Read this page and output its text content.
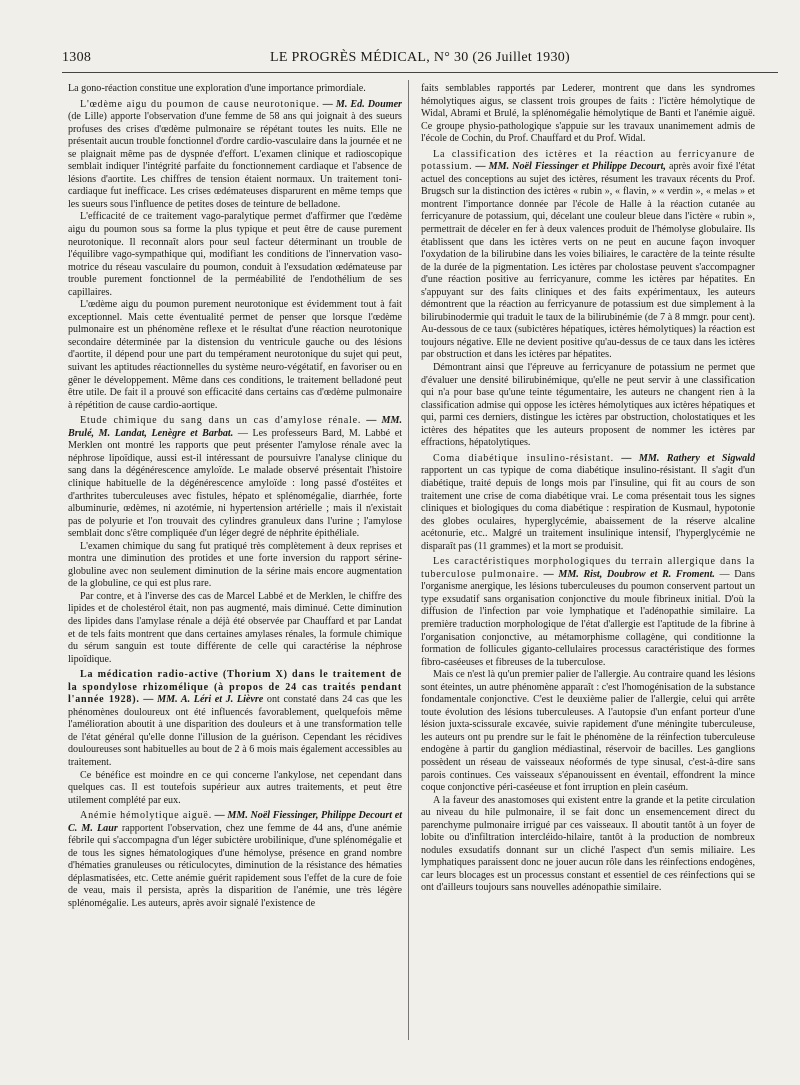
1308	LE PROGRÈS MÉDICAL, N° 30 (26 Juillet 1930)

La gono-réaction constitue une exploration d'une importance primordiale.

L'œdème aigu du poumon de cause neurotonique. — M. Ed. Doumer (de Lille) apporte l'observation d'une femme de 58 ans qui joignait à des sueurs profuses des crises d'œdème pulmonaire se répétant toutes les nuits. Elle ne présentait aucun trouble fonctionnel d'ordre cardio-vasculaire dans la journée et ne se plaignait même pas de dyspnée d'effort. L'examen clinique et radioscopique semblait indiquer l'intégrité parfaite du fonctionnement cardiaque et l'absence de lésions d'aortite. Les chiffres de tension étaient normaux. Un traitement toni-cardiaque fut inefficace. Les crises œdémateuses disparurent en même temps que les sueurs sous l'influence de petites doses de teinture de belladone.

L'efficacité de ce traitement vago-paralytique permet d'affirmer que l'œdème aigu du poumon sous sa forme la plus typique et peut être de cause purement neurotonique. Il reconnaît alors pour seul facteur déterminant un trouble de l'équilibre vago-sympathique qui, modifiant les conditions de l'innervation vaso-motrice du réseau vasculaire du poumon, conduit à l'exsudation œdémateuse par trouble purement fonctionnel de la perméabilité de l'endothélium de ses capillaires.

L'œdème aigu du poumon purement neurotonique est évidemment tout à fait exceptionnel. Mais cette éventualité permet de penser que lorsque l'œdème pulmonaire est un phénomène reflexe et le résultat d'une réaction neurotonique secondaire déterminée par la distension du ventricule gauche ou des lésions d'aortite, il dépend pour une part du tempérament neurotonique du sujet qui peut, suivant les aptitudes réactionnelles du système neuro-végétatif, en favoriser ou en gêner le développement. Même dans ces conditions, le traitement belladoné peut être utile. De fait il a prouvé son efficacité dans certains cas d'œdème pulmonaire à répétition de cause cardio-aortique.

Etude chimique du sang dans un cas d'amylose rénale. — MM. Brulé, M. Landat, Lenègre et Barbat. — Les professeurs Bard, M. Labbé et Merklen ont montré les rapports que peut présenter l'amylose rénale avec la néphrose lipoïdique, aussi est-il intéressant de poursuivre l'analyse clinique du sang dans la dégénérescence amyloïde. Le malade observé présentait l'histoire clinique habituelle de la dégénérescence amyloïde : long passé d'ostéites et d'arthrites tuberculeuses avec fistules, hépato et splénomégalie, diarrhée, forte albuminurie, œdèmes, ni azotémie, ni hypertension artérielle ; mais il n'existait pas de polyurie et l'on trouvait des cylindres granuleux dans l'urine ; l'amylose semblait donc s'être compliquée d'un léger degré de néphrite épithéliale.

L'examen chimique du sang fut pratiqué très complètement à deux reprises et montra une diminution des protides et une forte inversion du rapport sérine-globuline avec non seulement diminution de la sérine mais encore augmentation de la globuline, ce qui est plus rare.

Par contre, et à l'inverse des cas de Marcel Labbé et de Merklen, le chiffre des lipides et de cholestérol était, non pas augmenté, mais diminué. Cette diminution des lipides dans l'amylase rénale a déjà été observée par Chauffard et par Landat et de tels faits montrent que dans certaines amylases rénales, la formule chimique du sérum sanguin est toute différente de celle qui caractérise la néphrose lipoïdique.

La médication radio-active (Thorium X) dans le traitement de la spondylose rhizomélique (à propos de 24 cas traités pendant l'année 1928). — MM. A. Léri et J. Lièvre ont constaté dans 24 cas que les phénomènes douloureux ont été influencés favorablement, quelquefois même l'amélioration aboutit à une disparition des douleurs et à une transformation telle de l'état général qu'elle donne l'illusion de la guérison. Cependant les récidives douloureuses sont habituelles au bout de 2 à 6 mois mais également accessibles au traitement.

Ce bénéfice est moindre en ce qui concerne l'ankylose, net cependant dans quelques cas. Il est toutefois supérieur aux autres traitements, et peut être utilement complété par eux.

Anémie hémolytique aiguë. — MM. Noël Fiessinger, Philippe Decourt et C. M. Laur rapportent l'observation, chez une femme de 44 ans, d'une anémie fébrile qui s'accompagna d'un léger subictère urobilinique, d'une splénomégalie et de tous les signes hématologiques d'une hémolyse, présence en grand nombre d'hématies granuleuses ou réticulocytes, diminution de la résistance des hématies déplasmatisées, etc. Cette anémie guérit rapidement sous l'effet de la cure de foie de veau, mais il persista, après la disparition de l'anémie, une très légère splénomégalie. Les auteurs, après avoir signalé l'existence de

faits semblables rapportés par Lederer, montrent que dans les syndromes hémolytiques aigus, se classent trois groupes de faits : l'ictère hémolytique de Widal, Abrami et Brulé, la splénomégalie hémolytique de Banti et l'anémie aiguë. Ce groupe physio-pathologique s'appuie sur les travaux unanimement admis de l'école de Cochin, du Prof. Chauffard et du Prof. Widal.

La classification des ictères et la réaction au ferricyanure de potassium. — MM. Noël Fiessinger et Philippe Decourt, après avoir fixé l'état actuel des conceptions au sujet des ictères, résument les travaux récents du Prof. Brugsch sur la distinction des ictères « rubin », « flavin, » « verdin », « melas » et montrent l'importance donnée par l'école de Halle à la réaction cutanée au ferricyanure de potassium, qui, décelant une couleur bleue dans l'ictère « rubin », permettrait de déceler en fer à deux valences produit de l'hémolyse globulaire. Ils établissent que dans les ictères verts on ne peut en aucune façon invoquer l'oxydation de la bilirubine dans les voies biliaires, le caractère de la teinte résulte de la durée de la pigmentation. Les ictères par cholostase peuvent s'accompagner d'une réaction positive au ferricyanure, comme les ictères par hépatites. En s'appuyant sur des faits cliniques et des faits expérimentaux, les auteurs démontrent que la réaction au ferricyanure de potassium est due simplement à la bilirubinodermie qui traduit le taux de la bilirubinémie (de 7 à 8 mmgr. pour cent). Au-dessous de ce taux (subictères hépatiques, ictères hémolytiques) la réaction est toujours négative. Elle ne devient positive qu'au-dessus de ce taux dans les ictères par obstruction et dans les ictères par hépatites.

Démontrant ainsi que l'épreuve au ferricyanure de potassium ne permet que d'évaluer une densité bilirubinémique, qu'elle ne peut servir à une classification qui n'a pour base qu'une teinte tégumentaire, les auteurs ne changent rien à la classification admise qui oppose les ictères hémolytiques aux ictères hépatiques et qui, parmi ces derniers, distingue les ictères par obstruction, cholostatiques et les ictères des hépatites que les auteurs proposent de nommer les ictères par effractions, hépatolytiques.

Coma diabétique insulino-résistant. — MM. Rathery et Sigwald rapportent un cas typique de coma diabétique insulino-résistant. Il s'agit d'un diabétique, traité depuis de longs mois par l'insuline, qui fit au cours de son traitement une crise de coma diabétique vrai. Le coma présentait tous les signes cliniques et biologiques du coma diabétique : respiration de Kusmaul, hypotonie des globes oculaires, hyperglycémie, abaissement de la réserve alcaline acétonurie, etc.. Malgré un traitement insulinique intensif, l'hyperglycémie ne disparaît pas (11 grammes) et la mort se produisit.

Les caractéristiques morphologiques du terrain allergique dans la tuberculose pulmonaire. — MM. Rist, Doubrow et R. Froment. — Dans l'organisme anergique, les lésions tuberculeuses du poumon conservent partout un type exsudatif sans organisation conjonctive du moule fibrineux initial. D'où la diffusion de l'infection par voie lymphatique et l'adénopathie similaire. La première traduction morphologique de l'état d'allergie est l'aptitude de la fibrine à l'organisation conjonctive, au métamorphisme collagène, qui conditionne la formation de follicules giganto-cellulaires processus caractéristique des formes fibro-caséeuses et fibreuses de la tuberculose.

Mais ce n'est là qu'un premier palier de l'allergie. Au contraire quand les lésions sont éteintes, un autre phénomène apparaît : c'est l'homogénisation de la substance fondamentale conjonctive. C'est le deuxième palier de l'allergie, celui qui arrête toute évolution des lésions tuberculeuses. A l'autopsie d'un enfant porteur d'une lésion juxta-scissurale excavée, suivie rapidement d'une méningite tuberculeuse, les auteurs ont pu prendre sur le fait le phénomène de la réinfection tuberculeuse endogène à partir du ganglion médiastinal, réservoir de bacilles. Les ganglions possèdent un réseau de vaisseaux néoformés de type sinusal, c'est-à-dire sans parois continues. Ces vaisseaux s'épanouissent en éventail, effondrent la mince coque conjonctive péri-caséeuse et font irruption en plein caséum.

A la faveur des anastomoses qui existent entre la grande et la petite circulation au niveau du hile pulmonaire, il se fait donc un ensemencement direct du parenchyme pulmonaire irrigué par ces vaisseaux. Il aboutit tantôt à un foyer de lobite ou d'infiltration intercléido-hilaire, tantôt à la production de nombreux nodules exsudatifs donnant sur un cliché l'aspect d'un semis miliaire. Les lymphatiques paraissent donc ne jouer aucun rôle dans les réinfections endogènes, car leurs blocages est un processus constant et essentiel de ces réinfections qui se ont d'ailleurs toujours sans nouvelles adénopathie similaire.
